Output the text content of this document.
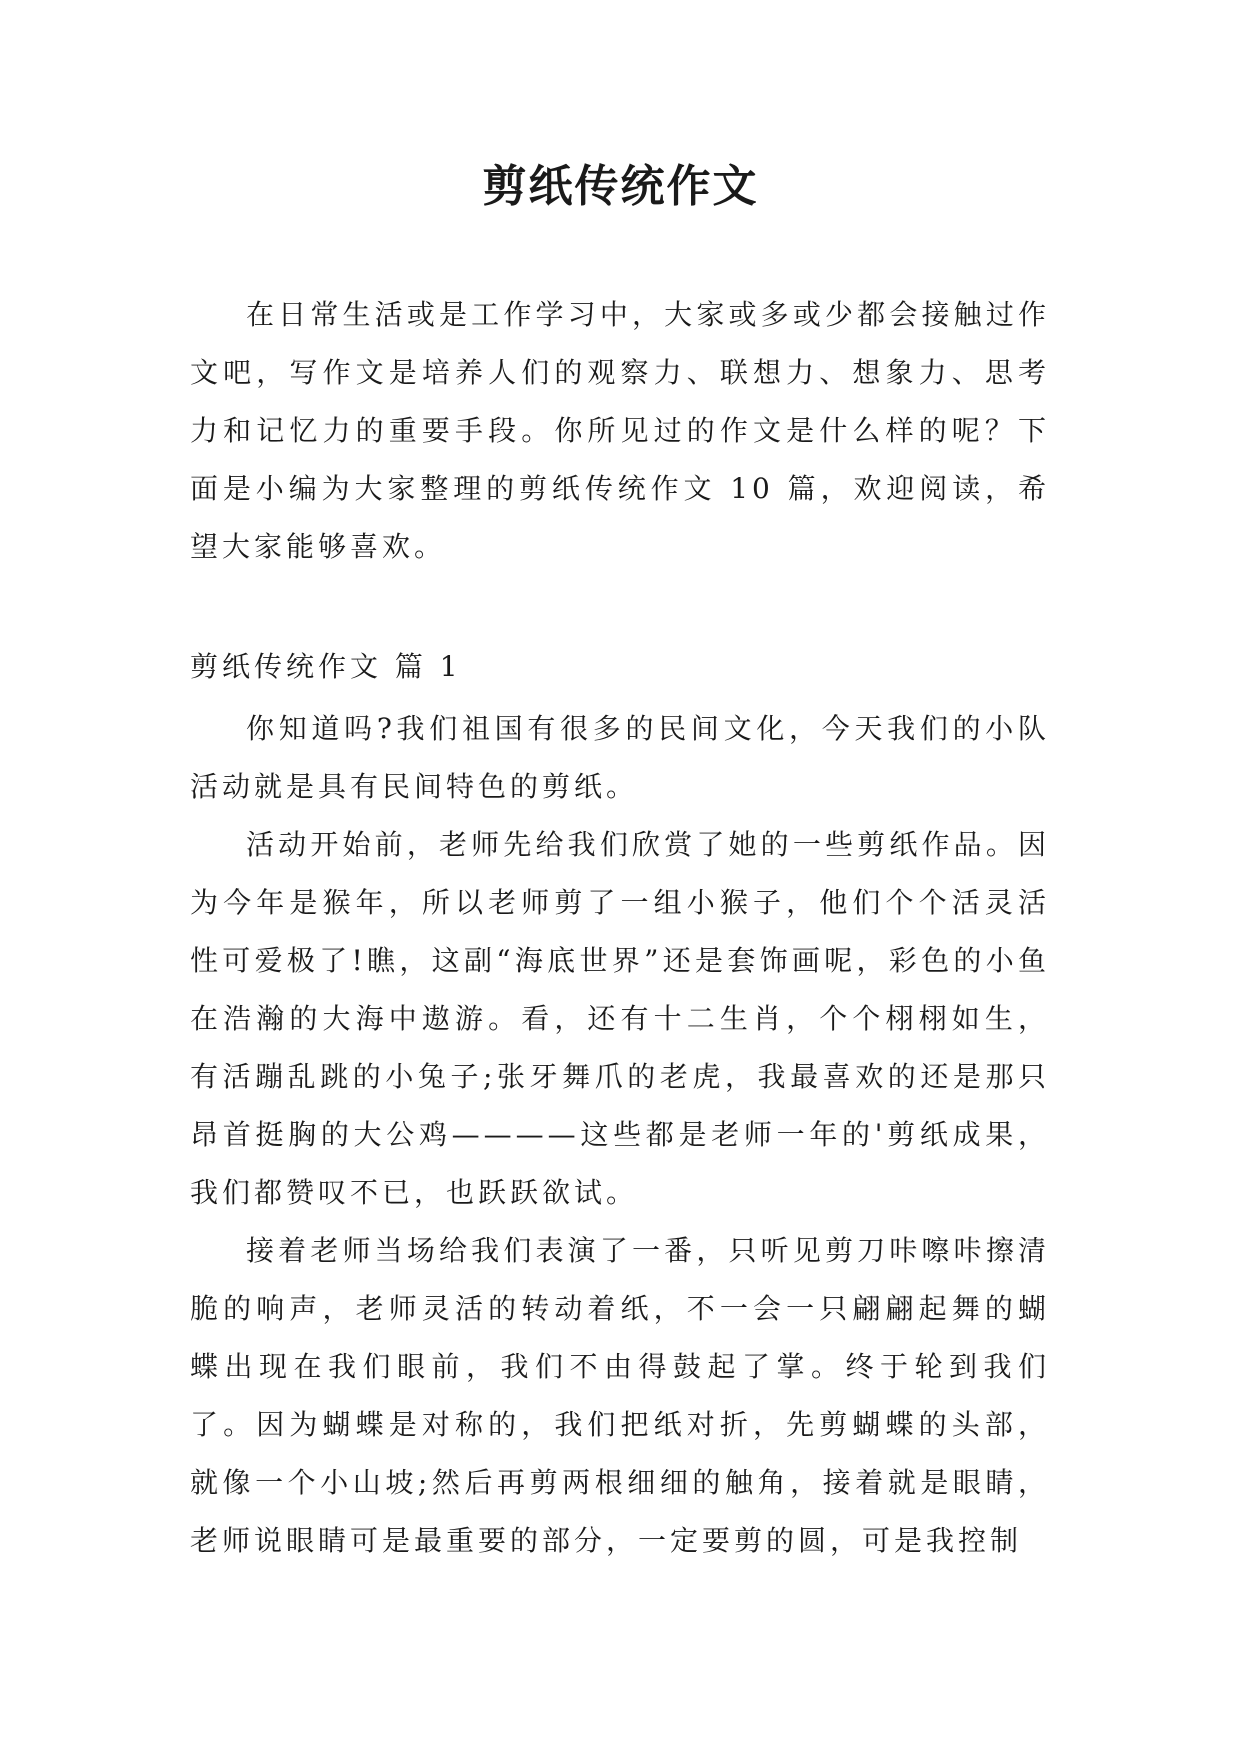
剪纸传统作文

在日常生活或是工作学习中，大家或多或少都会接触过作文吧，写作文是培养人们的观察力、联想力、想象力、思考力和记忆力的重要手段。你所见过的作文是什么样的呢？下面是小编为大家整理的剪纸传统作文 10 篇，欢迎阅读，希望大家能够喜欢。

剪纸传统作文 篇 1

你知道吗?我们祖国有很多的民间文化，今天我们的小队活动就是具有民间特色的剪纸。

活动开始前，老师先给我们欣赏了她的一些剪纸作品。因为今年是猴年，所以老师剪了一组小猴子，他们个个活灵活性可爱极了!瞧，这副“海底世界”还是套饰画呢，彩色的小鱼在浩瀚的大海中遨游。看，还有十二生肖，个个栩栩如生，有活蹦乱跳的小兔子;张牙舞爪的老虎，我最喜欢的还是那只昂首挺胸的大公鸡————这些都是老师一年的'剪纸成果，我们都赞叹不已，也跃跃欲试。

接着老师当场给我们表演了一番，只听见剪刀咔嚓咔擦清脆的响声，老师灵活的转动着纸，不一会一只翩翩起舞的蝴蝶出现在我们眼前，我们不由得鼓起了掌。终于轮到我们了。因为蝴蝶是对称的，我们把纸对折，先剪蝴蝶的头部，就像一个小山坡;然后再剪两根细细的触角，接着就是眼睛，老师说眼睛可是最重要的部分，一定要剪的圆，可是我控制
